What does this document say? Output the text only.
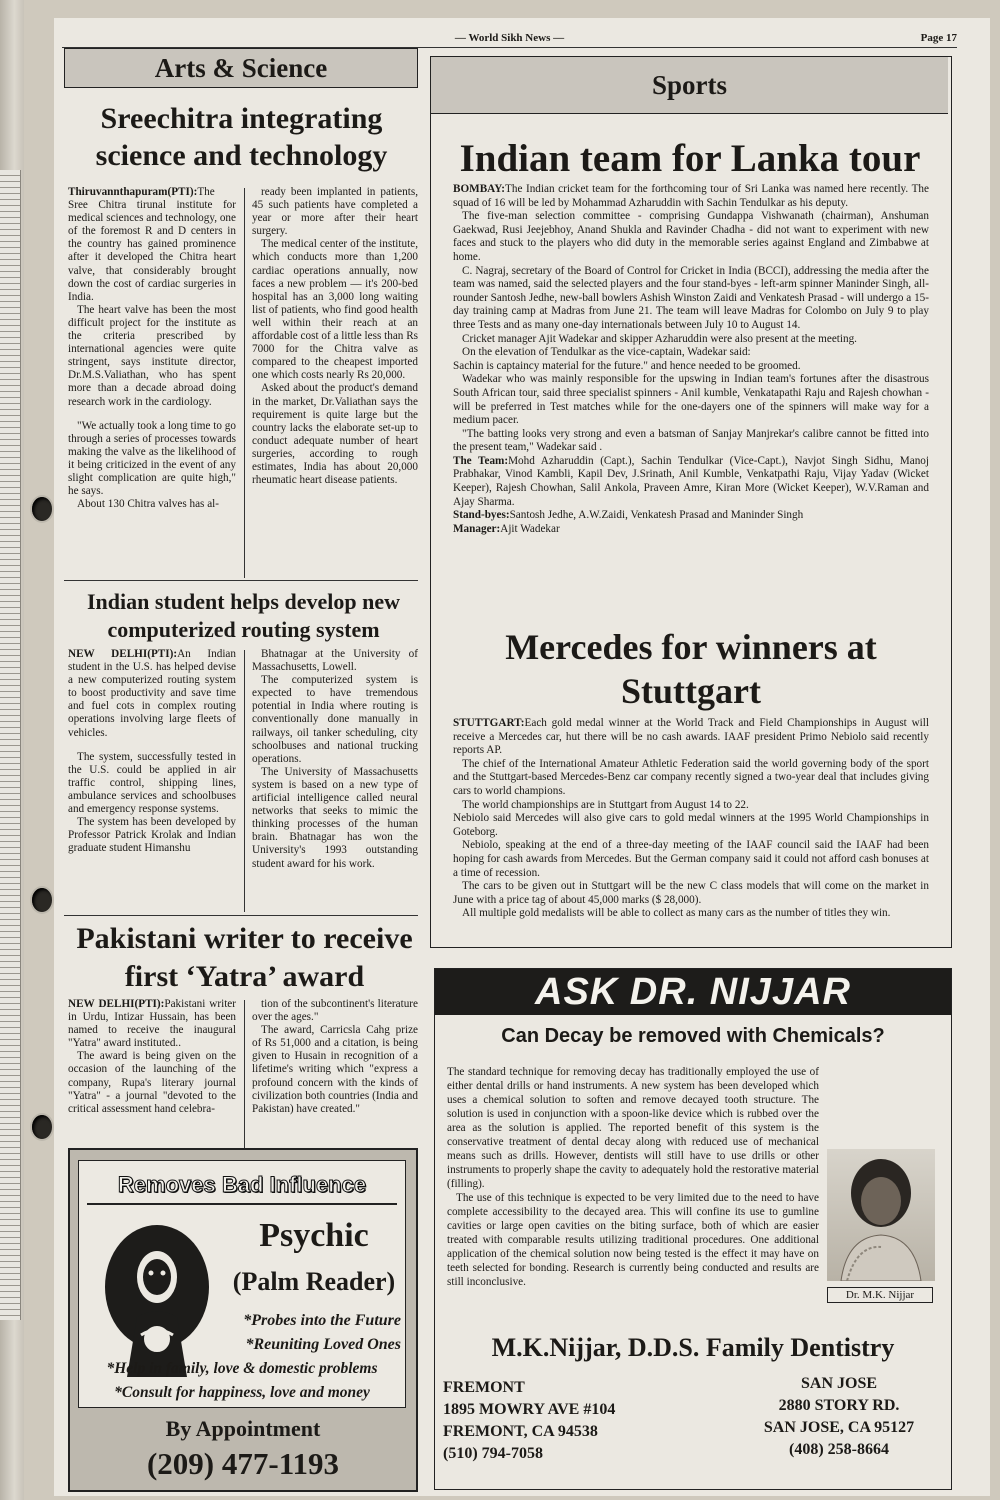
— World Sikh News —	Page 17
Arts & Science
Sreechitra integrating science and technology

Thiruvannthapuram(PTI):The Sree Chitra tirunal institute for medical sciences and technology, one of the foremost R and D centers in the country has gained prominence after it developed the Chitra heart valve, that considerably brought down the cost of cardiac surgeries in India.

The heart valve has been the most difficult project for the institute as the criteria prescribed by international agencies were quite stringent, says institute director, Dr.M.S.Valiathan, who has spent more than a decade abroad doing research work in the cardiology.

"We actually took a long time to go through a series of processes towards making the valve as the likelihood of it being criticized in the event of any slight complication are quite high," he says.

About 130 Chitra valves has al-

ready been implanted in patients, 45 such patients have completed a year or more after their heart surgery.

The medical center of the institute, which conducts more than 1,200 cardiac operations annually, now faces a new problem — it's 200-bed hospital has an 3,000 long waiting list of patients, who find good health well within their reach at an affordable cost of a little less than Rs 7000 for the Chitra valve as compared to the cheapest imported one which costs nearly Rs 20,000.

Asked about the product's demand in the market, Dr.Valiathan says the requirement is quite large but the country lacks the elaborate set-up to conduct adequate number of heart surgeries, according to rough estimates, India has about 20,000 rheumatic heart disease patients.

Indian student helps develop new computerized routing system

NEW DELHI(PTI):An Indian student in the U.S. has helped devise a new computerized routing system to boost productivity and save time and fuel cots in complex routing operations involving large fleets of vehicles.

The system, successfully tested in the U.S. could be applied in air traffic control, shipping lines, ambulance services and schoolbuses and emergency response systems.

The system has been developed by Professor Patrick Krolak and Indian graduate student Himanshu

Bhatnagar at the University of Massachusetts, Lowell.

The computerized system is expected to have tremendous potential in India where routing is conventionally done manually in railways, oil tanker scheduling, city schoolbuses and national trucking operations.

The University of Massachusetts system is based on a new type of artificial intelligence called neural networks that seeks to mimic the thinking processes of the human brain. Bhatnagar has won the University's 1993 outstanding student award for his work.

Pakistani writer to receive first ‘Yatra’ award

NEW DELHI(PTI):Pakistani writer in Urdu, Intizar Hussain, has been named to receive the inaugural "Yatra" award instituted..

The award is being given on the occasion of the launching of the company, Rupa's literary journal "Yatra" - a journal "devoted to the critical assessment hand celebra-

tion of the subcontinent's literature over the ages."

The award, Carricsla Cahg prize of Rs 51,000 and a citation, is being given to Husain in recognition of a lifetime's writing which "express a profound concern with the kinds of civilization both countries (India and Pakistan) have created."

Removes Bad Influence
Psychic
(Palm Reader)
*Probes into the Future
*Reuniting Loved Ones
*Help in family, love & domestic problems
*Consult for happiness, love and money
By Appointment
(209) 477-1193
Sports
Indian team for Lanka tour

BOMBAY:The Indian cricket team for the forthcoming tour of Sri Lanka was named here recently. The squad of 16 will be led by Mohammad Azharuddin with Sachin Tendulkar as his deputy.

The five-man selection committee - comprising Gundappa Vishwanath (chairman), Anshuman Gaekwad, Rusi Jeejebhoy, Anand Shukla and Ravinder Chadha - did not want to experiment with new faces and stuck to the players who did duty in the memorable series against England and Zimbabwe at home.

C. Nagraj, secretary of the Board of Control for Cricket in India (BCCI), addressing the media after the team was named, said the selected players and the four stand-byes - left-arm spinner Maninder Singh, all-rounder Santosh Jedhe, new-ball bowlers Ashish Winston Zaidi and Venkatesh Prasad - will undergo a 15-day training camp at Madras from June 21. The team will leave Madras for Colombo on July 9 to play three Tests and as many one-day internationals between July 10 to August 14.

Cricket manager Ajit Wadekar and skipper Azharuddin were also present at the meeting.

On the elevation of Tendulkar as the vice-captain, Wadekar said:

Sachin is captaincy material for the future." and hence needed to be groomed.

Wadekar who was mainly responsible for the upswing in Indian team's fortunes after the disastrous South African tour, said three specialist spinners - Anil kumble, Venkatapathi Raju and Rajesh chowhan - will be preferred in Test matches while for the one-dayers one of the spinners will make way for a medium pacer.

"The batting looks very strong and even a batsman of Sanjay Manjrekar's calibre cannot be fitted into the present team," Wadekar said .

The Team:Mohd Azharuddin (Capt.), Sachin Tendulkar (Vice-Capt.), Navjot Singh Sidhu, Manoj Prabhakar, Vinod Kambli, Kapil Dev, J.Srinath, Anil Kumble, Venkatpathi Raju, Vijay Yadav (Wicket Keeper), Rajesh Chowhan, Salil Ankola, Praveen Amre, Kiran More (Wicket Keeper), W.V.Raman and Ajay Sharma.

Stand-byes:Santosh Jedhe, A.W.Zaidi, Venkatesh Prasad and Maninder Singh

Manager:Ajit Wadekar

Mercedes for winners at Stuttgart

STUTTGART:Each gold medal winner at the World Track and Field Championships in August will receive a Mercedes car, hut there will be no cash awards. IAAF president Primo Nebiolo said recently reports AP.

The chief of the International Amateur Athletic Federation said the world governing body of the sport and the Stuttgart-based Mercedes-Benz car company recently signed a two-year deal that includes giving cars to world champions.

The world championships are in Stuttgart from August 14 to 22.

Nebiolo said Mercedes will also give cars to gold medal winners at the 1995 World Championships in Goteborg.

Nebiolo, speaking at the end of a three-day meeting of the IAAF council said the IAAF had been hoping for cash awards from Mercedes. But the German company said it could not afford cash bonuses at a time of recession.

The cars to be given out in Stuttgart will be the new C class models that will come on the market in June with a price tag of about 45,000 marks ($ 28,000).

All multiple gold medalists will be able to collect as many cars as the number of titles they win.

ASK DR. NIJJAR
Can Decay be removed with Chemicals?

The standard technique for removing decay has traditionally employed the use of either dental drills or hand instruments. A new system has been developed which uses a chemical solution to soften and remove decayed tooth structure. The solution is used in conjunction with a spoon-like device which is rubbed over the area as the solution is applied. The reported benefit of this system is the conservative treatment of dental decay along with reduced use of mechanical means such as drills. However, dentists will still have to use drills or other instruments to properly shape the cavity to adequately hold the restorative material (filling).

The use of this technique is expected to be very limited due to the need to have complete accessibility to the decayed area. This will confine its use to gumline cavities or large open cavities on the biting surface, both of which are easier treated with comparable results utilizing traditional procedures. One additional application of the chemical solution now being tested is the effect it may have on teeth selected for bonding. Research is currently being conducted and results are still inconclusive.

Dr. M.K. Nijjar
M.K.Nijjar, D.D.S. Family Dentistry
FREMONT
1895 MOWRY AVE #104
FREMONT, CA 94538
(510) 794-7058
SAN JOSE
2880 STORY RD.
SAN JOSE, CA 95127
(408) 258-8664
